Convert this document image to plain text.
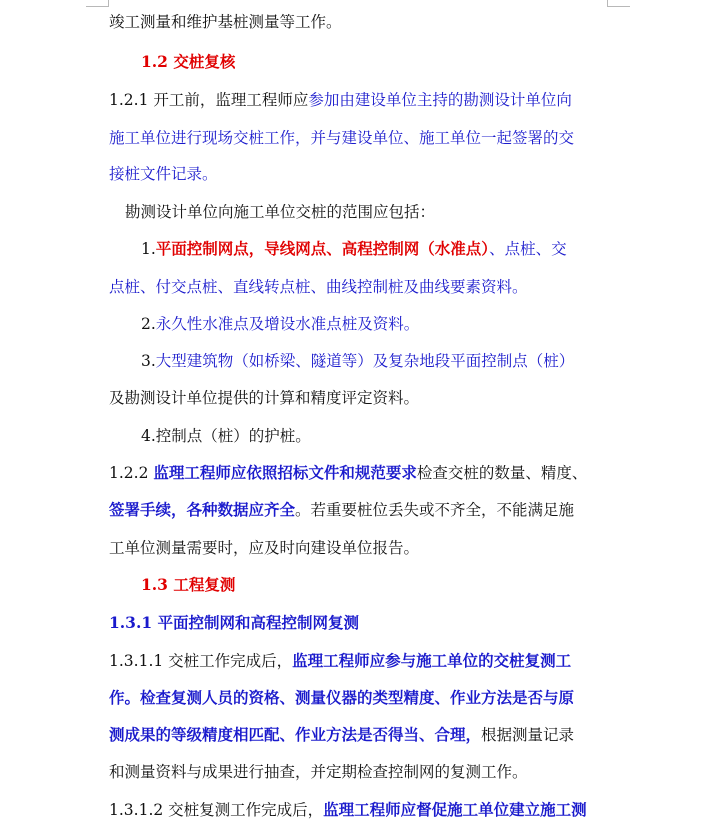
竣工测量和维护基桩测量等工作。
1.2 交桩复核
1.2.1 开工前，监理工程师应参加由建设单位主持的勘测设计单位向
施工单位进行现场交桩工作，并与建设单位、施工单位一起签署的交
接桩文件记录。
勘测设计单位向施工单位交桩的范围应包括：
1.平面控制网点，导线网点、高程控制网（水准点）、点桩、交
点桩、付交点桩、直线转点桩、曲线控制桩及曲线要素资料。
2.永久性水准点及增设水准点桩及资料。
3.大型建筑物（如桥梁、隧道等）及复杂地段平面控制点（桩）
及勘测设计单位提供的计算和精度评定资料。
4.控制点（桩）的护桩。
1.2.2 监理工程师应依照招标文件和规范要求检查交桩的数量、精度、
签署手续，各种数据应齐全。若重要桩位丢失或不齐全，不能满足施
工单位测量需要时，应及时向建设单位报告。
1.3 工程复测
1.3.1 平面控制网和高程控制网复测
1.3.1.1 交桩工作完成后，监理工程师应参与施工单位的交桩复测工
作。检查复测人员的资格、测量仪器的类型精度、作业方法是否与原
测成果的等级精度相匹配、作业方法是否得当、合理，根据测量记录
和测量资料与成果进行抽查，并定期检查控制网的复测工作。
1.3.1.2 交桩复测工作完成后，监理工程师应督促施工单位建立施工测
